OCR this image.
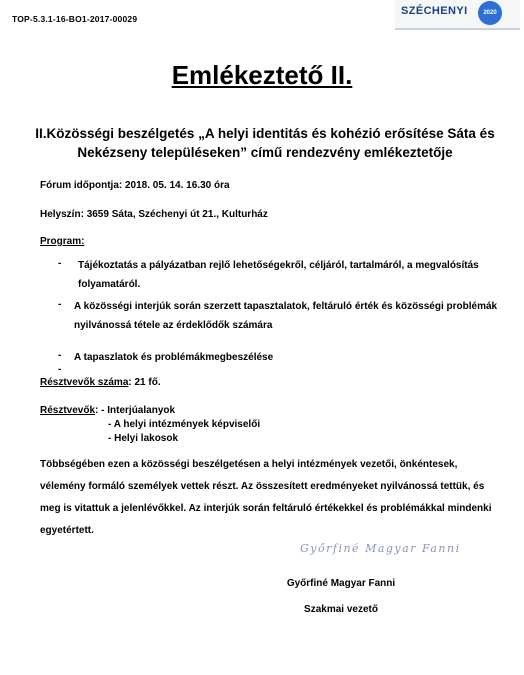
TOP-5.3.1-16-BO1-2017-00029
SZÉCHENYI	2020
Emlékeztető II.
II.Közösségi beszélgetés „A helyi identitás és kohézió erősítése Sáta és Nekézseny településeken” című rendezvény emlékeztetője
Fórum időpontja: 2018. 05. 14. 16.30 óra
Helyszín: 3659 Sáta, Széchenyi út 21., Kulturház
Program:
-	Tájékoztatás a pályázatban rejlő lehetőségekről, céljáról, tartalmáról, a megvalósítás folyamatáról.
- A közösségi interjúk során szerzett tapasztalatok, feltáruló érték és közösségi problémák nyilvánossá tétele az érdeklődők számára
- A tapaszlatok és problémákmegbeszélése
-
Résztvevők száma: 21 fő.
Résztvevők: - Interjúalanyok
- A helyi intézmények képviselői
- Helyi lakosok
Többségében ezen a közösségi beszélgetésen a helyi intézmények vezetői, önkéntesek, vélemény formáló személyek vettek részt. Az összesített eredményeket nyilvánossá tettük, és meg is vitattuk a jelenlévőkkel. Az interjúk során feltáruló értékekkel és problémákkal mindenki egyetértett.
Győrfiné Magyar Fanni
Győrfiné Magyar Fanni
Szakmai vezető
